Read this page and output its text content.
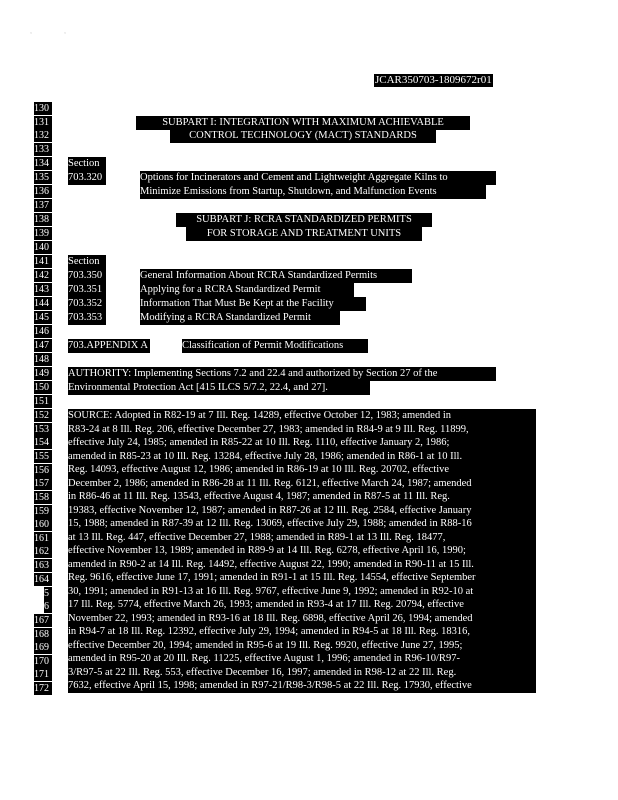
,	,
JCAR350703-1809672r01
130
131
132
133
134
135
136
137
138
139
140
141
142
143
144
145
146
147
148
149
150
151
152
153
154
155
156
157
158
159
160
161
162
163
164
5
6
167
168
169
170
171
172
SUBPART I: INTEGRATION WITH MAXIMUM ACHIEVABLE
CONTROL TECHNOLOGY (MACT) STANDARDS
Section
703.320	Options for Incinerators and Cement and Lightweight Aggregate Kilns to
Minimize Emissions from Startup, Shutdown, and Malfunction Events
SUBPART J: RCRA STANDARDIZED PERMITS
FOR STORAGE AND TREATMENT UNITS
Section
703.350	General Information About RCRA Standardized Permits
703.351	Applying for a RCRA Standardized Permit
703.352	Information That Must Be Kept at the Facility
703.353	Modifying a RCRA Standardized Permit
703.APPENDIX A	Classification of Permit Modifications
AUTHORITY: Implementing Sections 7.2 and 22.4 and authorized by Section 27 of the
Environmental Protection Act [415 ILCS 5/7.2, 22.4, and 27].
SOURCE: Adopted in R82-19 at 7 Ill. Reg. 14289, effective October 12, 1983; amended in
R83-24 at 8 Ill. Reg. 206, effective December 27, 1983; amended in R84-9 at 9 Ill. Reg. 11899,
effective July 24, 1985; amended in R85-22 at 10 Ill. Reg. 1110, effective January 2, 1986;
amended in R85-23 at 10 Ill. Reg. 13284, effective July 28, 1986; amended in R86-1 at 10 Ill.
Reg. 14093, effective August 12, 1986; amended in R86-19 at 10 Ill. Reg. 20702, effective
December 2, 1986; amended in R86-28 at 11 Ill. Reg. 6121, effective March 24, 1987; amended
in R86-46 at 11 Ill. Reg. 13543, effective August 4, 1987; amended in R87-5 at 11 Ill. Reg.
19383, effective November 12, 1987; amended in R87-26 at 12 Ill. Reg. 2584, effective January
15, 1988; amended in R87-39 at 12 Ill. Reg. 13069, effective July 29, 1988; amended in R88-16
at 13 Ill. Reg. 447, effective December 27, 1988; amended in R89-1 at 13 Ill. Reg. 18477,
effective November 13, 1989; amended in R89-9 at 14 Ill. Reg. 6278, effective April 16, 1990;
amended in R90-2 at 14 Ill. Reg. 14492, effective August 22, 1990; amended in R90-11 at 15 Ill.
Reg. 9616, effective June 17, 1991; amended in R91-1 at 15 Ill. Reg. 14554, effective September
30, 1991; amended in R91-13 at 16 Ill. Reg. 9767, effective June 9, 1992; amended in R92-10 at
17 Ill. Reg. 5774, effective March 26, 1993; amended in R93-4 at 17 Ill. Reg. 20794, effective
November 22, 1993; amended in R93-16 at 18 Ill. Reg. 6898, effective April 26, 1994; amended
in R94-7 at 18 Ill. Reg. 12392, effective July 29, 1994; amended in R94-5 at 18 Ill. Reg. 18316,
effective December 20, 1994; amended in R95-6 at 19 Ill. Reg. 9920, effective June 27, 1995;
amended in R95-20 at 20 Ill. Reg. 11225, effective August 1, 1996; amended in R96-10/R97-
3/R97-5 at 22 Ill. Reg. 553, effective December 16, 1997; amended in R98-12 at 22 Ill. Reg.
7632, effective April 15, 1998; amended in R97-21/R98-3/R98-5 at 22 Ill. Reg. 17930, effective
